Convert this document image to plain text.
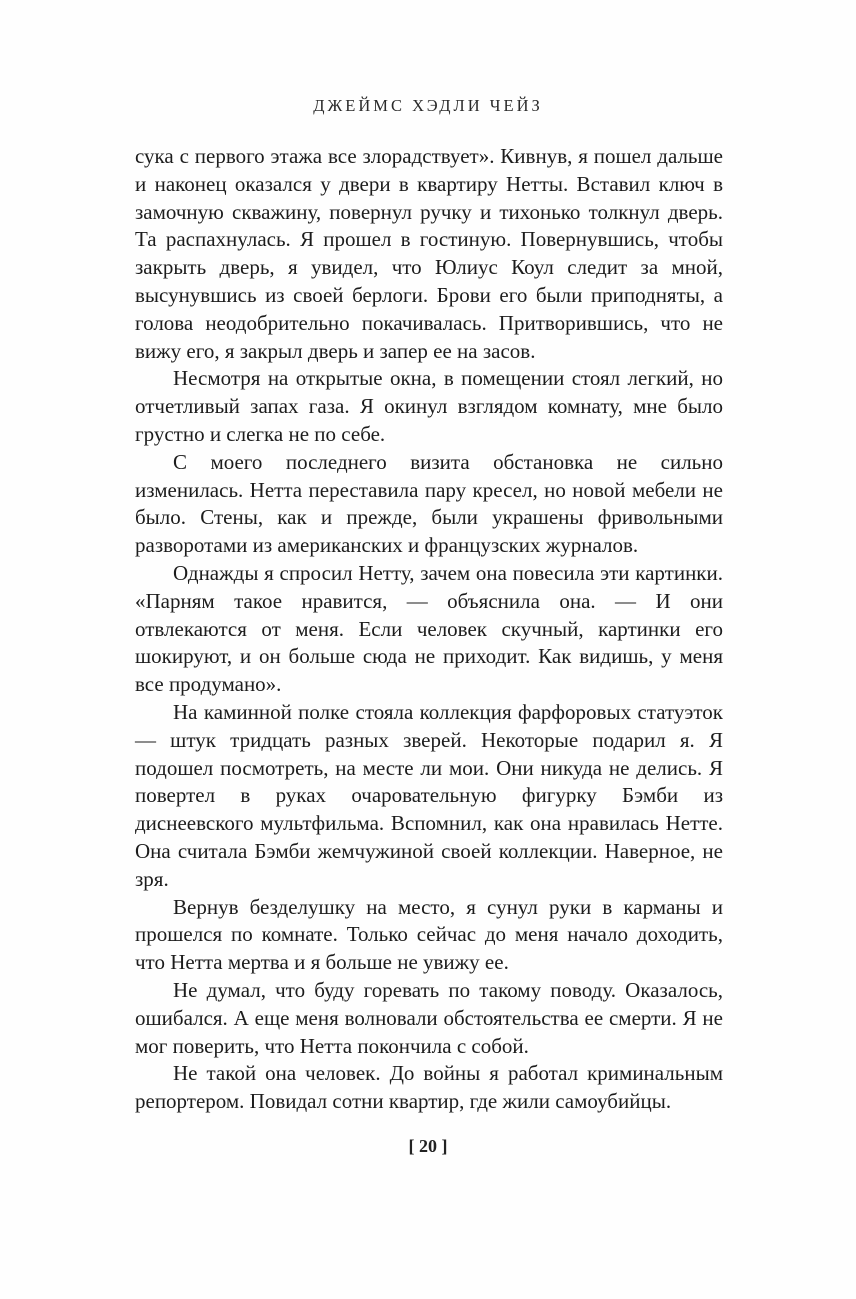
ДЖЕЙМС ХЭДЛИ ЧЕЙЗ

сука с первого этажа все злорадствует». Кивнув, я пошел дальше и наконец оказался у двери в квартиру Нетты. Вставил ключ в замочную скважину, повернул ручку и тихонько толкнул дверь. Та распахнулась. Я прошел в гостиную. Повернувшись, чтобы закрыть дверь, я увидел, что Юлиус Коул следит за мной, высунувшись из своей берлоги. Брови его были приподняты, а голова неодобрительно покачивалась. Притворившись, что не вижу его, я закрыл дверь и запер ее на засов.

Несмотря на открытые окна, в помещении стоял легкий, но отчетливый запах газа. Я окинул взглядом комнату, мне было грустно и слегка не по себе.

С моего последнего визита обстановка не сильно изменилась. Нетта переставила пару кресел, но новой мебели не было. Стены, как и прежде, были украшены фривольными разворотами из американских и французских журналов.

Однажды я спросил Нетту, зачем она повесила эти картинки. «Парням такое нравится, — объяснила она. — И они отвлекаются от меня. Если человек скучный, картинки его шокируют, и он больше сюда не приходит. Как видишь, у меня все продумано».

На каминной полке стояла коллекция фарфоровых статуэток — штук тридцать разных зверей. Некоторые подарил я. Я подошел посмотреть, на месте ли мои. Они никуда не делись. Я повертел в руках очаровательную фигурку Бэмби из диснеевского мультфильма. Вспомнил, как она нравилась Нетте. Она считала Бэмби жемчужиной своей коллекции. Наверное, не зря.

Вернув безделушку на место, я сунул руки в карманы и прошелся по комнате. Только сейчас до меня начало доходить, что Нетта мертва и я больше не увижу ее.

Не думал, что буду горевать по такому поводу. Оказалось, ошибался. А еще меня волновали обстоятельства ее смерти. Я не мог поверить, что Нетта покончила с собой.

Не такой она человек. До войны я работал криминальным репортером. Повидал сотни квартир, где жили самоубийцы.

[ 20 ]
